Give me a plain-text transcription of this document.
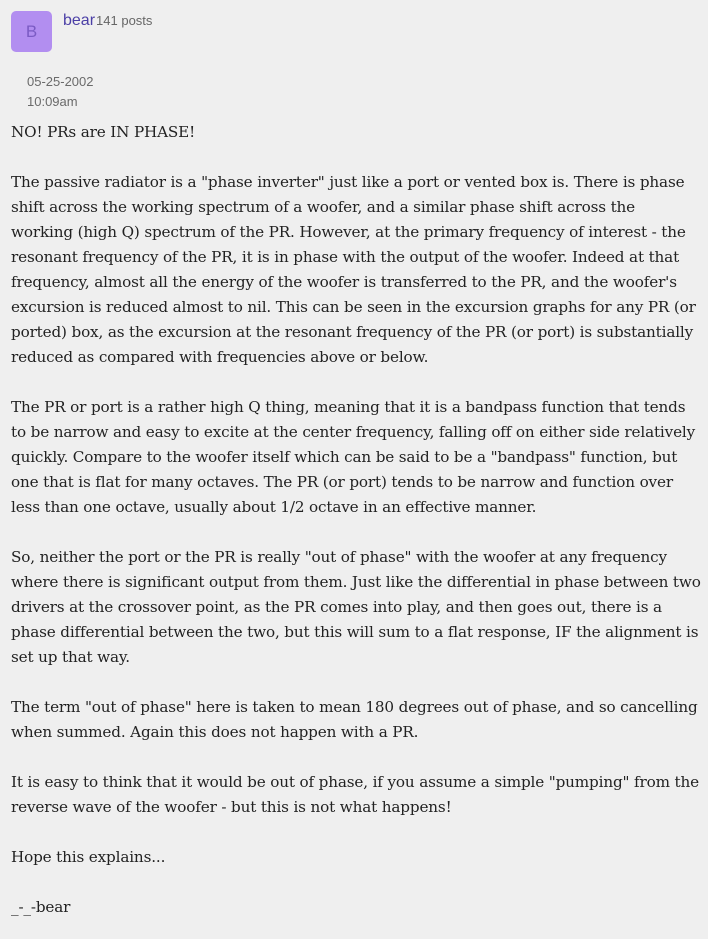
B
bear 141 posts
05-25-2002
10:09am

NO! PRs are IN PHASE!

The passive radiator is a "phase inverter" just like a port or vented box is. There is phase shift across the working spectrum of a woofer, and a similar phase shift across the working (high Q) spectrum of the PR. However, at the primary frequency of interest - the resonant frequency of the PR, it is in phase with the output of the woofer. Indeed at that frequency, almost all the energy of the woofer is transferred to the PR, and the woofer's excursion is reduced almost to nil. This can be seen in the excursion graphs for any PR (or ported) box, as the excursion at the resonant frequency of the PR (or port) is substantially reduced as compared with frequencies above or below.

The PR or port is a rather high Q thing, meaning that it is a bandpass function that tends to be narrow and easy to excite at the center frequency, falling off on either side relatively quickly. Compare to the woofer itself which can be said to be a "bandpass" function, but one that is flat for many octaves. The PR (or port) tends to be narrow and function over less than one octave, usually about 1/2 octave in an effective manner.

So, neither the port or the PR is really "out of phase" with the woofer at any frequency where there is significant output from them. Just like the differential in phase between two drivers at the crossover point, as the PR comes into play, and then goes out, there is a phase differential between the two, but this will sum to a flat response, IF the alignment is set up that way.

The term "out of phase" here is taken to mean 180 degrees out of phase, and so cancelling when summed. Again this does not happen with a PR.

It is easy to think that it would be out of phase, if you assume a simple "pumping" from the reverse wave of the woofer - but this is not what happens!

Hope this explains...

_-_-bear
